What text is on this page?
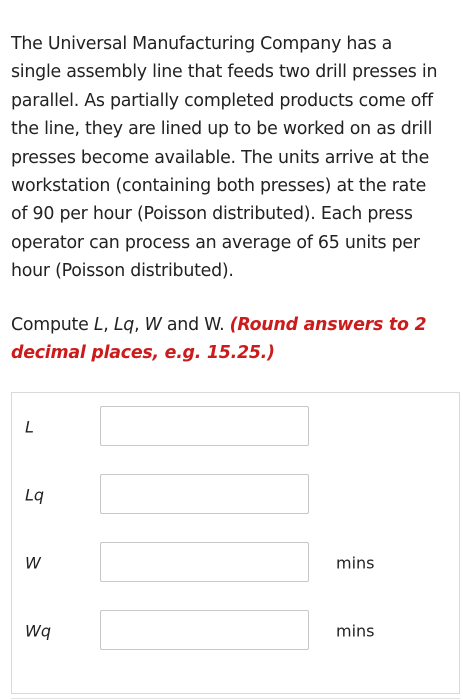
The Universal Manufacturing Company has a
single assembly line that feeds two drill presses in
parallel. As partially completed products come off
the line, they are lined up to be worked on as drill
presses become available. The units arrive at the
workstation (containing both presses) at the rate
of 90 per hour (Poisson distributed). Each press
operator can process an average of 65 units per
hour (Poisson distributed).
Compute L, Lq, W and W. (Round answers to 2 decimal places, e.g. 15.25.)
L
Lq
W	mins
Wq	mins
